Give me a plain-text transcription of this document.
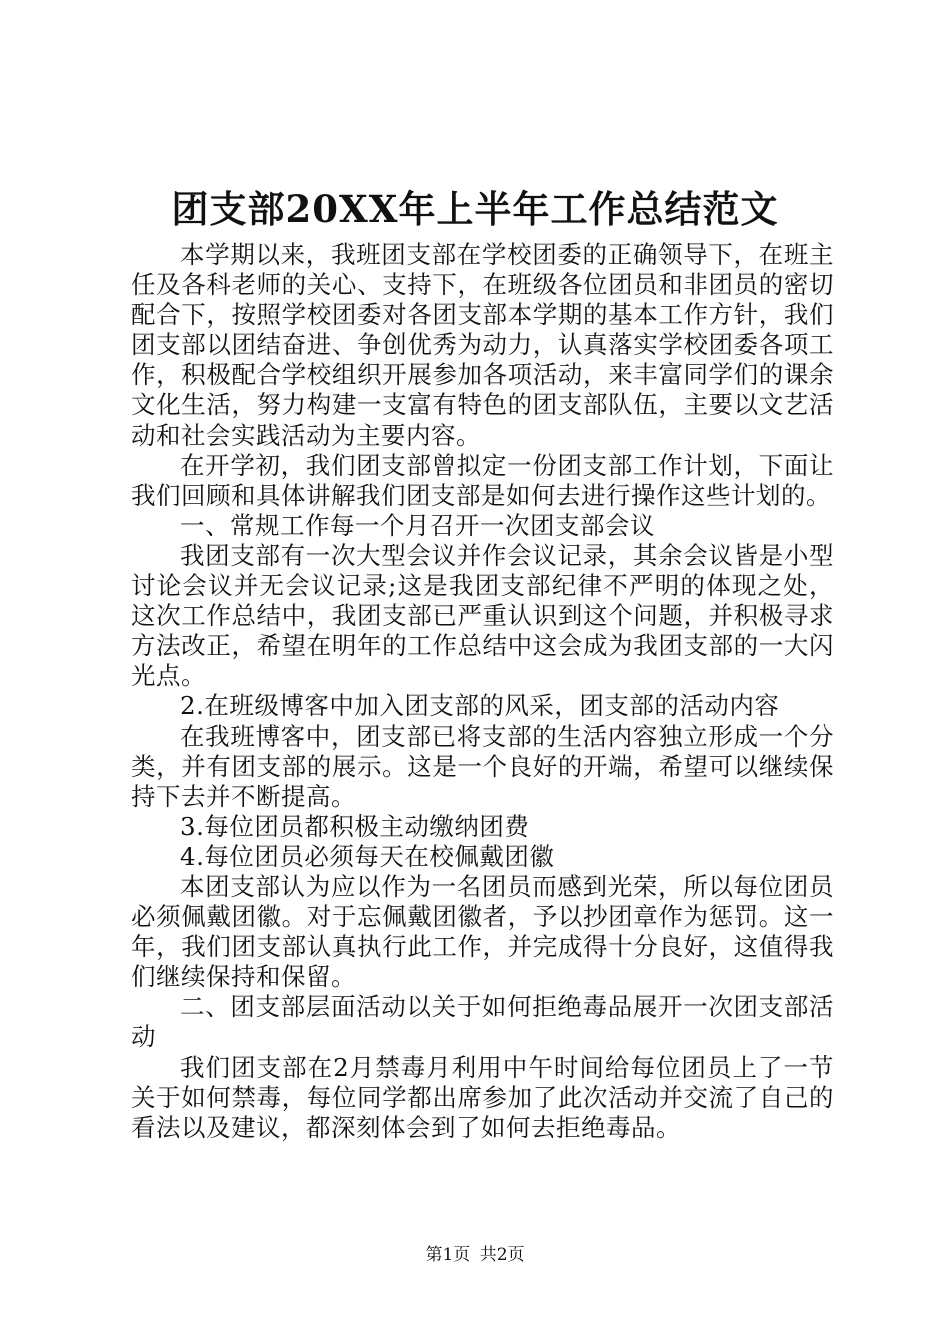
团支部20XX年上半年工作总结范文

本学期以来，我班团支部在学校团委的正确领导下，在班主任及各科老师的关心、支持下，在班级各位团员和非团员的密切配合下，按照学校团委对各团支部本学期的基本工作方针，我们团支部以团结奋进、争创优秀为动力，认真落实学校团委各项工作，积极配合学校组织开展参加各项活动，来丰富同学们的课余文化生活，努力构建一支富有特色的团支部队伍，主要以文艺活动和社会实践活动为主要内容。

在开学初，我们团支部曾拟定一份团支部工作计划，下面让我们回顾和具体讲解我们团支部是如何去进行操作这些计划的。

一、常规工作每一个月召开一次团支部会议

我团支部有一次大型会议并作会议记录，其余会议皆是小型讨论会议并无会议记录;这是我团支部纪律不严明的体现之处，这次工作总结中，我团支部已严重认识到这个问题，并积极寻求方法改正，希望在明年的工作总结中这会成为我团支部的一大闪光点。

2.在班级博客中加入团支部的风采，团支部的活动内容

在我班博客中，团支部已将支部的生活内容独立形成一个分类，并有团支部的展示。这是一个良好的开端，希望可以继续保持下去并不断提高。

3.每位团员都积极主动缴纳团费

4.每位团员必须每天在校佩戴团徽

本团支部认为应以作为一名团员而感到光荣，所以每位团员必须佩戴团徽。对于忘佩戴团徽者，予以抄团章作为惩罚。这一年，我们团支部认真执行此工作，并完成得十分良好，这值得我们继续保持和保留。

二、团支部层面活动以关于如何拒绝毒品展开一次团支部活动

我们团支部在2月禁毒月利用中午时间给每位团员上了一节关于如何禁毒，每位同学都出席参加了此次活动并交流了自己的看法以及建议，都深刻体会到了如何去拒绝毒品。

第1页 共2页
